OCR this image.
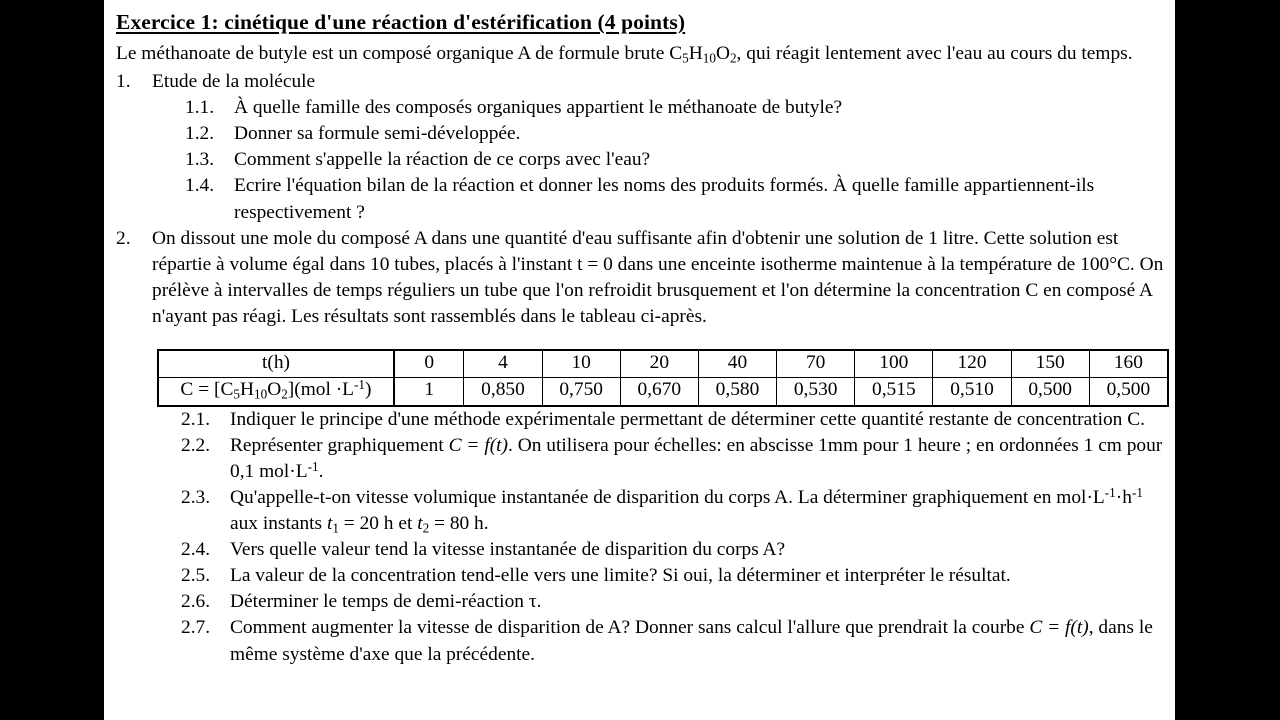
Exercice 1: cinétique d'une réaction d'estérification (4 points)

Le méthanoate de butyle est un composé organique A de formule brute $C_5H_{10}O_2$, qui réagit lentement avec l'eau au cours du temps.

1.	Etude de la molécule
1.1.	À quelle famille des composés organiques appartient le méthanoate de butyle?
1.2.	Donner sa formule semi-développée.
1.3.	Comment s'appelle la réaction de ce corps avec l'eau?
1.4.	Ecrire l'équation bilan de la réaction et donner les noms des produits formés. À quelle famille appartiennent-ils respectivement ?
2.	On dissout une mole du composé A dans une quantité d'eau suffisante afin d'obtenir une solution de 1 litre. Cette solution est répartie à volume égal dans 10 tubes, placés à l'instant t = 0 dans une enceinte isotherme maintenue à la température de 100°C. On prélève à intervalles de temps réguliers un tube que l'on refroidit brusquement et l'on détermine la concentration C en composé A n'ayant pas réagi. Les résultats sont rassemblés dans le tableau ci-après.
t(h)	0	4	10	20	40	70	100	120	150	160
$C = [C_5H_{10}O_2](mol \cdot L^{-1})$	1	0,850	0,750	0,670	0,580	0,530	0,515	0,510	0,500	0,500
2.1.	Indiquer le principe d'une méthode expérimentale permettant de déterminer cette quantité restante de concentration C.
2.2.	Représenter graphiquement C = f(t). On utilisera pour échelles: en abscisse 1mm pour 1 heure ; en ordonnées 1 cm pour 0,1 $mol\cdot L^{-1}$.
2.3.	Qu'appelle-t-on vitesse volumique instantanée de disparition du corps A. La déterminer graphiquement en $mol\cdot L^{-1}\cdot h^{-1}$ aux instants $t_1 = 20$ h et $t_2 = 80$ h.
2.4.	Vers quelle valeur tend la vitesse instantanée de disparition du corps A?
2.5.	La valeur de la concentration tend-elle vers une limite? Si oui, la déterminer et interpréter le résultat.
2.6.	Déterminer le temps de demi-réaction τ.
2.7.	Comment augmenter la vitesse de disparition de A? Donner sans calcul l'allure que prendrait la courbe C = f(t), dans le même système d'axe que la précédente.
